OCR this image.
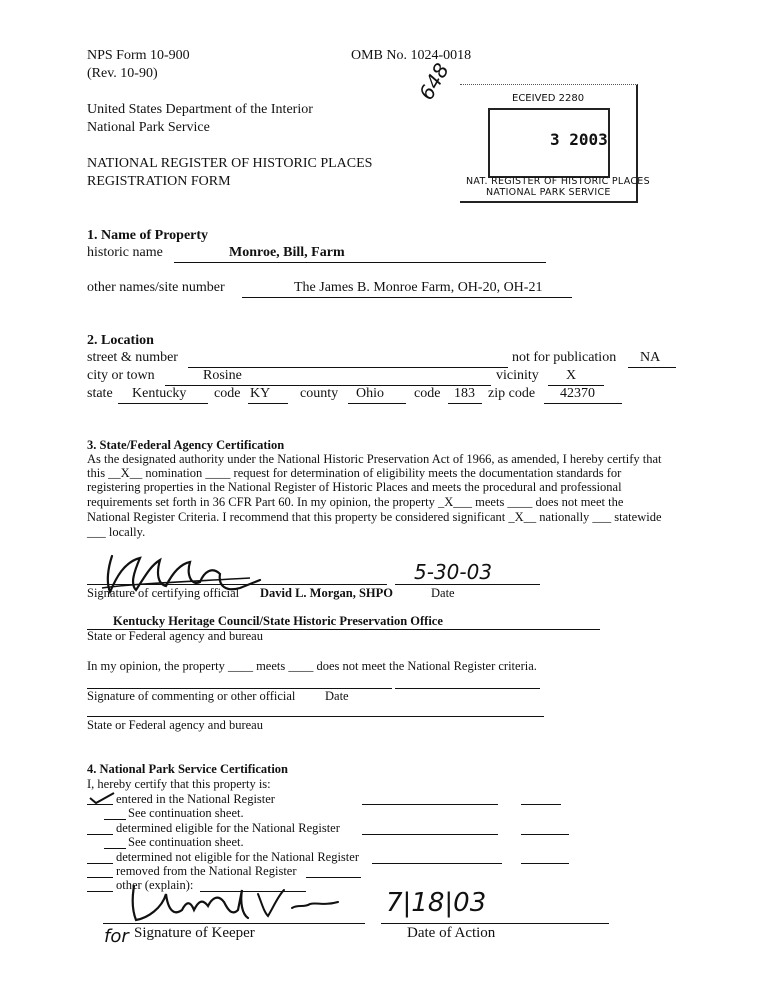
NPS Form 10-900
(Rev. 10-90)
OMB No. 1024-0018
United States Department of the Interior
National Park Service
NATIONAL REGISTER OF HISTORIC PLACES
REGISTRATION FORM
ECEIVED 2280
3 2003
NAT. REGISTER OF HISTORIC PLACES
NATIONAL PARK SERVICE
648
1. Name of Property
historic name	Monroe, Bill, Farm
other names/site number	The James B. Monroe Farm, OH-20, OH-21
2. Location
street & number	not for publication NA
city or town	Rosine	vicinity X
state Kentucky code KY county Ohio code 183 zip code 42370
3. State/Federal Agency Certification
As the designated authority under the National Historic Preservation Act of 1966, as amended, I hereby certify that
this __X__ nomination ____ request for determination of eligibility meets the documentation standards for
registering properties in the National Register of Historic Places and meets the procedural and professional
requirements set forth in 36 CFR Part 60. In my opinion, the property _X___ meets ____ does not meet the
National Register Criteria. I recommend that this property be considered significant _X__ nationally ___ statewide
___ locally.
5-30-03
Signature of certifying official David L. Morgan, SHPO	Date
Kentucky Heritage Council/State Historic Preservation Office
State or Federal agency and bureau
In my opinion, the property ____ meets ____ does not meet the National Register criteria.
Signature of commenting or other official Date
State or Federal agency and bureau
4. National Park Service Certification
I, hereby certify that this property is:
entered in the National Register
See continuation sheet.
determined eligible for the National Register
See continuation sheet.
determined not eligible for the National Register
removed from the National Register
other (explain):
7|18|03
for Signature of Keeper	Date of Action
